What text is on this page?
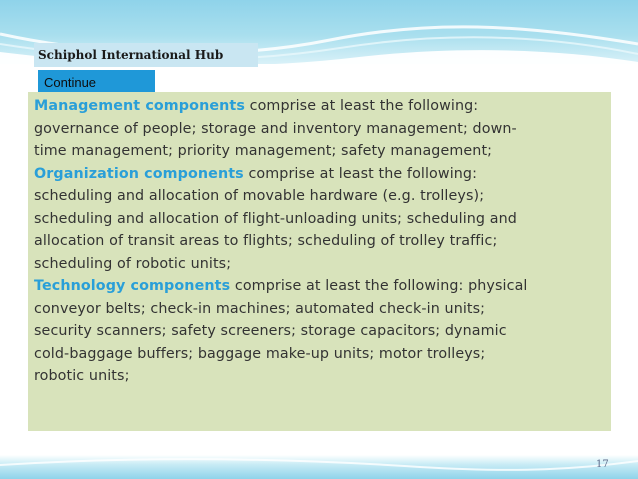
Schiphol International Hub
Continue

Management components comprise at least the following:
governance of people; storage and inventory management; down-
time management; priority management; safety management;

Organization components comprise at least the following:
scheduling and allocation of movable hardware (e.g. trolleys);
scheduling and allocation of flight-unloading units; scheduling and
allocation of transit areas to flights; scheduling of trolley traffic;
scheduling of robotic units;

Technology components comprise at least the following: physical
conveyor belts; check-in machines; automated check-in units;
security scanners; safety screeners; storage capacitors; dynamic
cold-baggage buffers; baggage make-up units; motor trolleys;
robotic units;

17
